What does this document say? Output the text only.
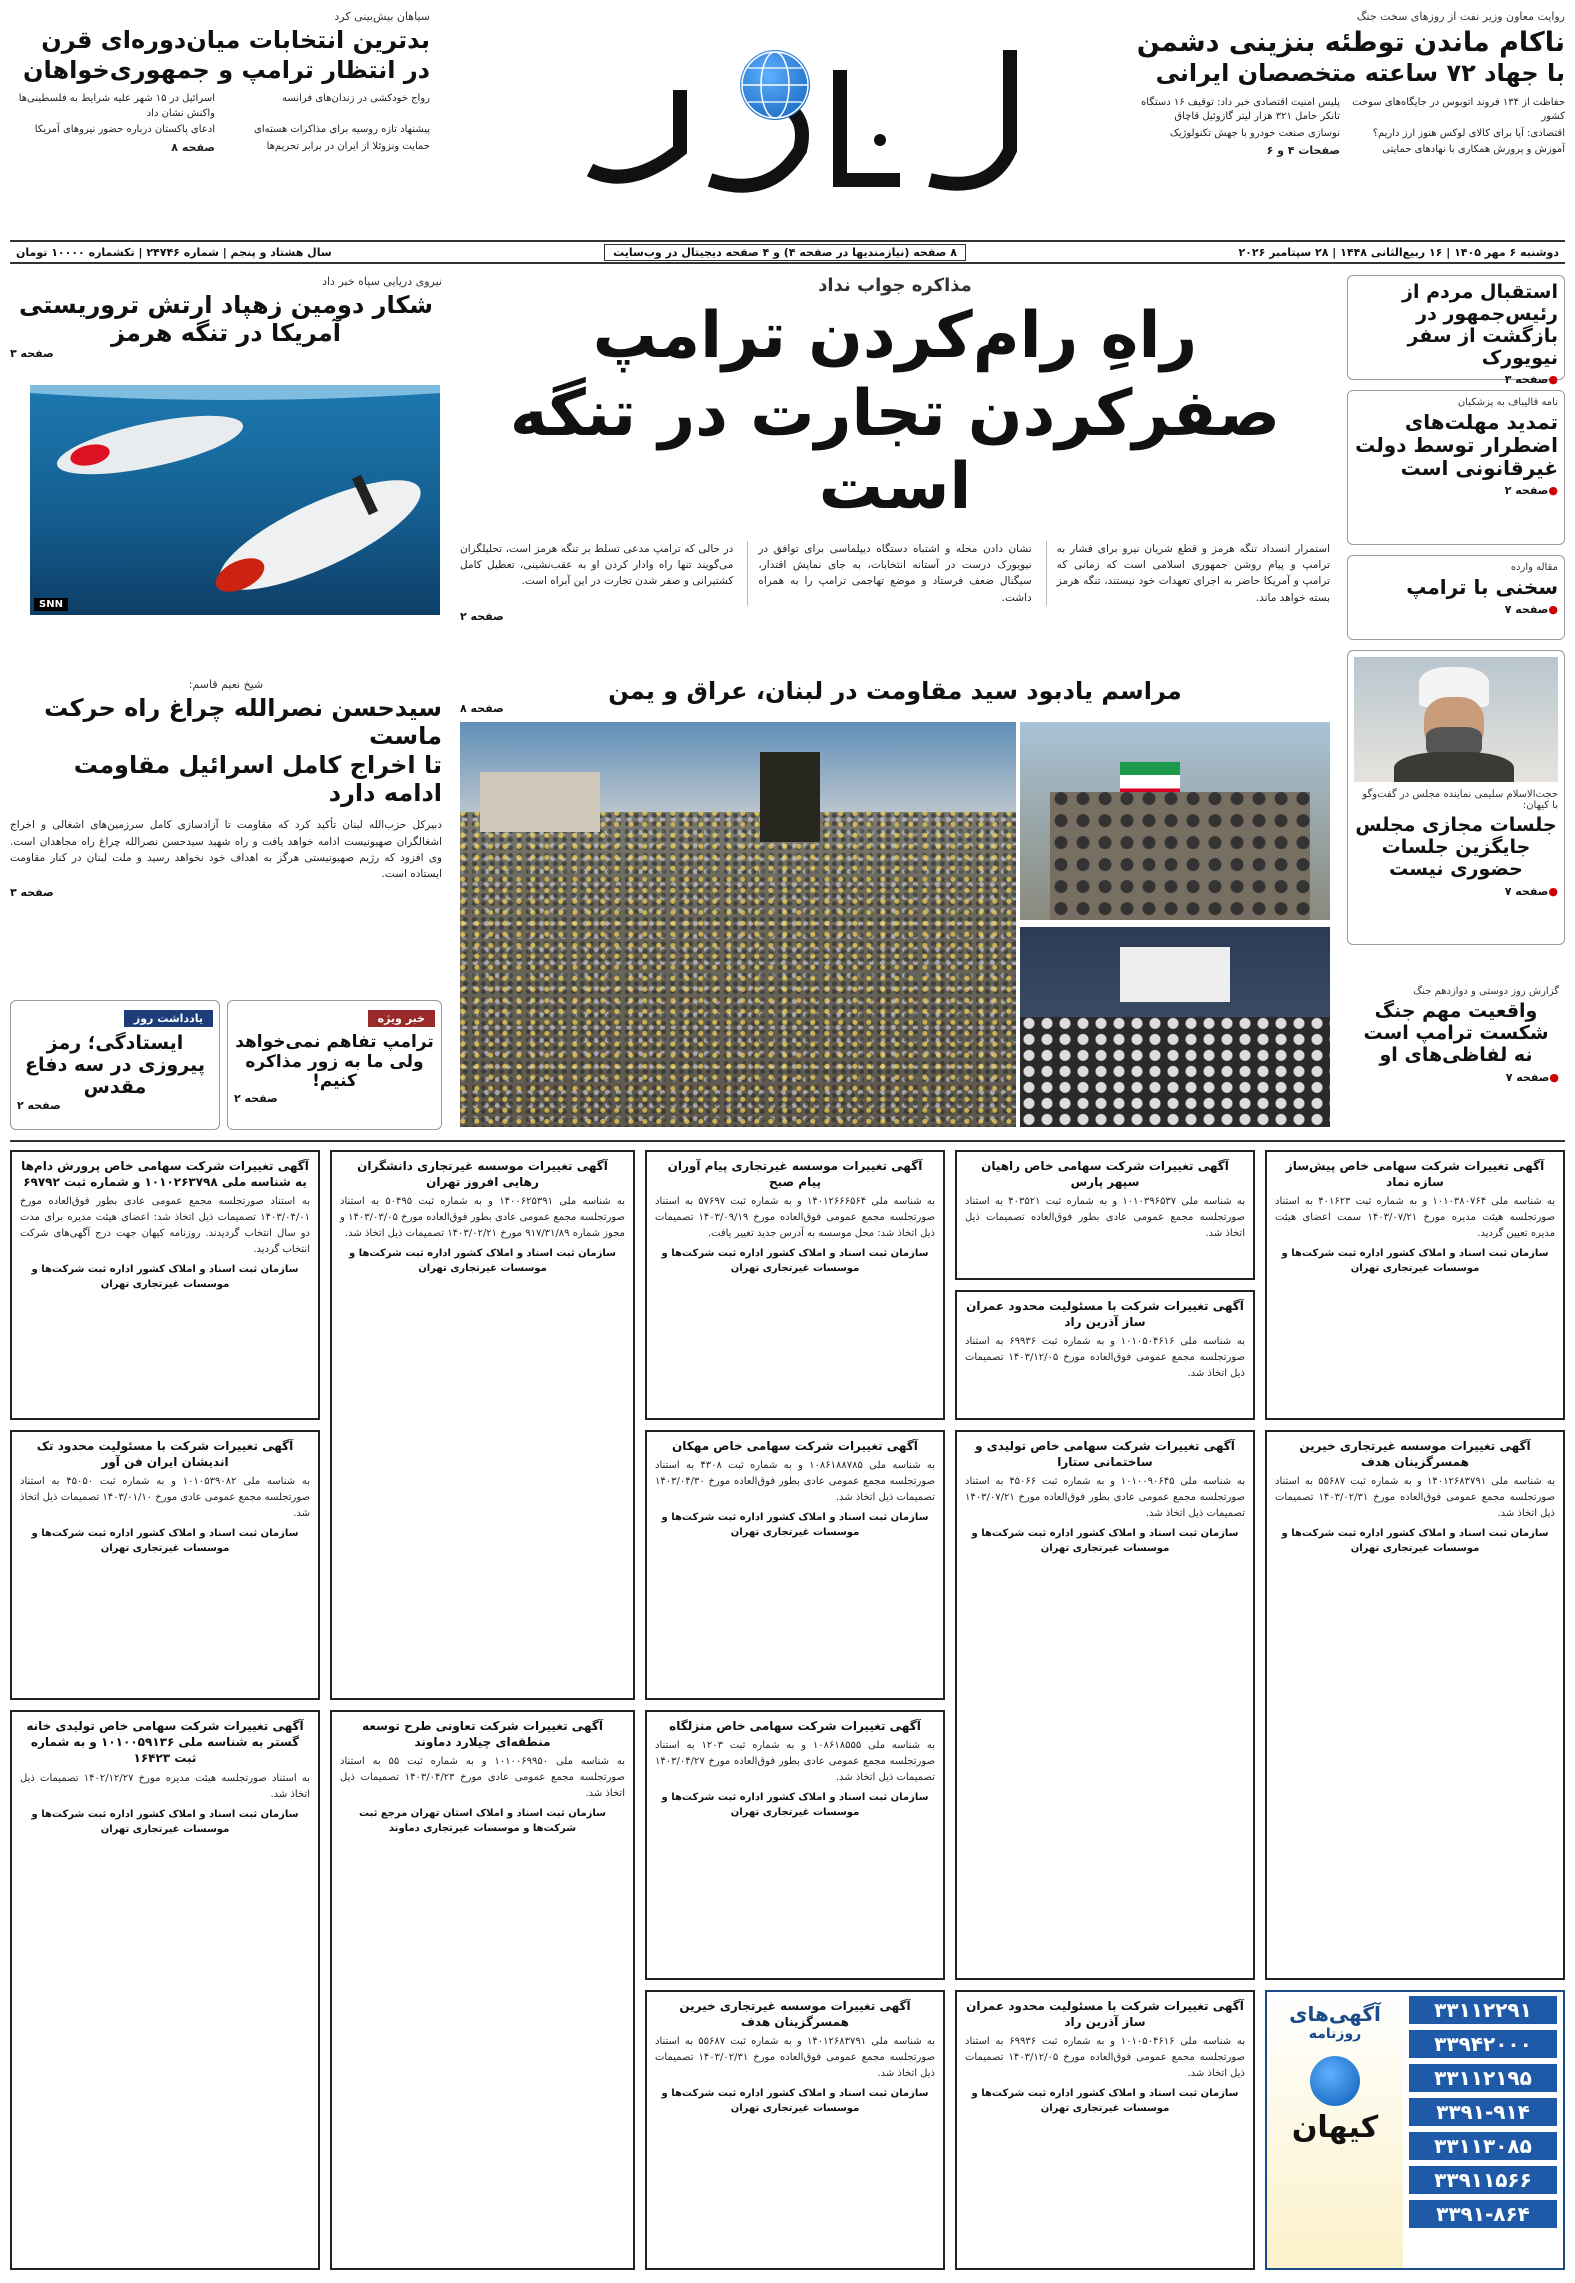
روایت معاون وزیر نفت از روزهای سخت جنگ
ناکام ماندن توطئه بنزینی دشمن
با جهاد ۷۲ ساعته متخصصان ایرانی
حفاظت از ۱۳۴ فروند اتوبوس در جایگاه‌های سوخت کشور
پلیس امنیت اقتصادی خبر داد: توقیف ۱۶ دستگاه تانکر حامل ۳۲۱ هزار لیتر گازوئیل قاچاق
اقتصادی: آیا برای کالای لوکس هنوز ارز داریم؟
نوسازی صنعت خودرو با جهش تکنولوژیک
آموزش و پرورش همکاری با نهادهای حمایتی
صفحات ۴ و ۶
سیاهان بیش‌بینی کرد
بدترین انتخابات میان‌دوره‌ای قرن
در انتظار ترامپ و جمهوری‌خواهان
رواج خودکشی در زندان‌های فرانسه
اسرائیل در ۱۵ شهر علیه شرایط به فلسطینی‌ها واکنش نشان داد
پیشنهاد تازه روسیه برای مذاکرات هسته‌ای
ادعای پاکستان درباره حضور نیروهای آمریکا
حمایت ونزوئلا از ایران در برابر تحریم‌ها
صفحه ۸
دوشنبه ۶ مهر ۱۴۰۵ | ۱۶ ربیع‌الثانی ۱۴۴۸ | ۲۸ سپتامبر ۲۰۲۶
۸ صفحه (نیازمندیها در صفحه ۴) و ۴ صفحه دیجیتال در وب‌سایت
سال هشتاد و پنجم | شماره ۲۴۷۴۶ | تکشماره ۱۰۰۰۰ تومان
استقبال مردم از رئیس‌جمهور در بازگشت از سفر نیویورک
●صفحه ۳
نامه قالیباف به پزشکیان
تمدید مهلت‌های اضطرار توسط دولت غیرقانونی است
●صفحه ۲
مقاله وارده
سخنی با ترامپ
●صفحه ۷
حجت‌الاسلام سلیمی نماینده مجلس در گفت‌وگو با کیهان:
جلسات مجازی مجلس جایگزین جلسات حضوری نیست
●صفحه ۷
گزارش روز دوستی و دوازدهم جنگ
واقعیت مهم جنگ شکست ترامپ است نه لفاظی‌های او
●صفحه ۷
مذاکره جواب نداد
راهِ رام‌کردن ترامپ
صفرکردن تجارت در تنگه است
استمرار انسداد تنگه هرمز و قطع شریان نیرو برای فشار به ترامپ و پیام روشن جمهوری اسلامی است که زمانی که ترامپ و آمریکا حاضر به اجرای تعهدات خود نیستند، تنگه هرمز بسته خواهد ماند.
نشان دادن محله و اشتباه دستگاه دیپلماسی برای توافق در نیویورک درست در آستانه انتخابات، به جای نمایش اقتدار، سیگنال ضعف فرستاد و موضع تهاجمی ترامپ را به همراه داشت.
در حالی که ترامپ مدعی تسلط بر تنگه هرمز است، تحلیلگران می‌گویند تنها راه وادار کردن او به عقب‌نشینی، تعطیل کامل کشتیرانی و صفر شدن تجارت در این آبراه است.
صفحه ۲
نیروی دریایی سپاه خبر داد
شکار دومین زهپاد ارتش تروریستی آمریکا در تنگه هرمز
صفحه ۳
SNN
مراسم یادبود سید مقاومت در لبنان، عراق و یمن
صفحه ۸
شیخ نعیم قاسم:
سیدحسن نصرالله چراغ راه حرکت ماست
تا اخراج کامل اسرائیل مقاومت ادامه دارد
دبیرکل حزب‌الله لبنان تأکید کرد که مقاومت تا آزادسازی کامل سرزمین‌های اشغالی و اخراج اشغالگران صهیونیست ادامه خواهد یافت و راه شهید سیدحسن نصرالله چراغ راه مجاهدان است. وی افزود که رژیم صهیونیستی هرگز به اهداف خود نخواهد رسید و ملت لبنان در کنار مقاومت ایستاده است.
صفحه ۳
خبر ویژه
ترامپ تفاهم نمی‌خواهد ولی ما به زور مذاکره کنیم!
صفحه ۲
یادداشت روز
ایستادگی؛ رمز پیروزی در سه دفاع مقدس
صفحه ۲
آگهی تغییرات شرکت سهامی خاص پیش‌ساز سازه نماد
به شناسه ملی ۱۰۱۰۳۸۰۷۶۴ و به شماره ثبت ۴۰۱۶۲۳ به استناد صورتجلسه هیئت مدیره مورخ ۱۴۰۳/۰۷/۲۱ سمت اعضای هیئت مدیره تعیین گردید.
سازمان ثبت اسناد و املاک کشور اداره ثبت شرکت‌ها و موسسات غیرتجاری تهران
آگهی تغییرات شرکت سهامی خاص راهیان سپهر پارس
به شناسه ملی ۱۰۱۰۳۹۶۵۳۷ و به شماره ثبت ۴۰۳۵۲۱ به استناد صورتجلسه مجمع عمومی عادی بطور فوق‌العاده تصمیمات ذیل اتخاذ شد.
آگهی تغییرات شرکت با مسئولیت محدود عمران ساز آذرین راد
به شناسه ملی ۱۰۱۰۵۰۴۶۱۶ و به شماره ثبت ۶۹۹۳۶ به استناد صورتجلسه مجمع عمومی فوق‌العاده مورخ ۱۴۰۳/۱۲/۰۵ تصمیمات ذیل اتخاذ شد.
آگهی تغییرات موسسه غیرتجاری پیام آوران پیام صبح
به شناسه ملی ۱۴۰۱۲۶۶۶۵۶۴ و به شماره ثبت ۵۷۶۹۷ به استناد صورتجلسه مجمع عمومی فوق‌العاده مورخ ۱۴۰۳/۰۹/۱۹ تصمیمات ذیل اتخاذ شد: محل موسسه به آدرس جدید تغییر یافت.
سازمان ثبت اسناد و املاک کشور اداره ثبت شرکت‌ها و موسسات غیرتجاری تهران
آگهی تغییرات موسسه غیرتجاری دانشگران رهایی افروز تهران
به شناسه ملی ۱۴۰۰۶۲۵۳۹۱ و به شماره ثبت ۵۰۴۹۵ به استناد صورتجلسه مجمع عمومی عادی بطور فوق‌العاده مورخ ۱۴۰۳/۰۳/۰۵ و مجوز شماره ۹۱۷/۳۱/۸۹ مورخ ۱۴۰۳/۰۲/۲۱ تصمیمات ذیل اتخاذ شد.
سازمان ثبت اسناد و املاک کشور اداره ثبت شرکت‌ها و موسسات غیرتجاری تهران
آگهی تغییرات شرکت سهامی خاص پرورش دام‌ها به شناسه ملی ۱۰۱۰۲۶۳۷۹۸ و شماره ثبت ۶۹۷۹۲
به استناد صورتجلسه مجمع عمومی عادی بطور فوق‌العاده مورخ ۱۴۰۳/۰۴/۰۱ تصمیمات ذیل اتخاذ شد: اعضای هیئت مدیره برای مدت دو سال انتخاب گردیدند. روزنامه کیهان جهت درج آگهی‌های شرکت انتخاب گردید.
سازمان ثبت اسناد و املاک کشور اداره ثبت شرکت‌ها و موسسات غیرتجاری تهران
آگهی تغییرات موسسه غیرتجاری خیرین همسرگزینان هدف
به شناسه ملی ۱۴۰۱۲۶۸۳۷۹۱ و به شماره ثبت ۵۵۶۸۷ به استناد صورتجلسه مجمع عمومی فوق‌العاده مورخ ۱۴۰۳/۰۲/۳۱ تصمیمات ذیل اتخاذ شد.
سازمان ثبت اسناد و املاک کشور اداره ثبت شرکت‌ها و موسسات غیرتجاری تهران
آگهی تغییرات شرکت سهامی خاص تولیدی و ساختمانی ستارا
به شناسه ملی ۱۰۱۰۰۹۰۶۴۵ و به شماره ثبت ۴۵۰۶۶ به استناد صورتجلسه مجمع عمومی عادی بطور فوق‌العاده مورخ ۱۴۰۳/۰۷/۲۱ تصمیمات ذیل اتخاذ شد.
سازمان ثبت اسناد و املاک کشور اداره ثبت شرکت‌ها و موسسات غیرتجاری تهران
آگهی تغییرات شرکت سهامی خاص مهکان
به شناسه ملی ۱۰۸۶۱۸۸۷۸۵ و به شماره ثبت ۴۳۰۸ به استناد صورتجلسه مجمع عمومی عادی بطور فوق‌العاده مورخ ۱۴۰۳/۰۴/۳۰ تصمیمات ذیل اتخاذ شد.
سازمان ثبت اسناد و املاک کشور اداره ثبت شرکت‌ها و موسسات غیرتجاری تهران
آگهی تغییرات شرکت با مسئولیت محدود تک انديشان ايران فن آور
به شناسه ملی ۱۰۱۰۵۳۹۰۸۲ و به شماره ثبت ۴۵۰۵۰ به استناد صورتجلسه مجمع عمومی عادی مورخ ۱۴۰۳/۰۱/۱۰ تصمیمات ذیل اتخاذ شد.
سازمان ثبت اسناد و املاک کشور اداره ثبت شرکت‌ها و موسسات غیرتجاری تهران
آگهی تغییرات شرکت سهامی خاص منزلگاه
به شناسه ملی ۱۰۸۶۱۸۵۵۵ و به شماره ثبت ۱۲۰۳ به استناد صورتجلسه مجمع عمومی عادی بطور فوق‌العاده مورخ ۱۴۰۳/۰۴/۲۷ تصمیمات ذیل اتخاذ شد.
سازمان ثبت اسناد و املاک کشور اداره ثبت شرکت‌ها و موسسات غیرتجاری تهران
آگهی تغییرات شرکت تعاونی طرح توسعه منطقه‌ای چیلارد دماوند
به شناسه ملی ۱۰۱۰۰۶۹۹۵۰ و به شماره ثبت ۵۵ به استناد صورتجلسه مجمع عمومی عادی مورخ ۱۴۰۳/۰۴/۲۳ تصمیمات ذیل اتخاذ شد.
سازمان ثبت اسناد و املاک استان تهران مرجع ثبت شرکت‌ها و موسسات غیرتجاری دماوند
آگهی تغییرات شرکت سهامی خاص تولیدی خانه گستر به شناسه ملی ۱۰۱۰۰۵۹۱۳۶ و به شماره ثبت ۱۶۴۲۳
به استناد صورتجلسه هیئت مدیره مورخ ۱۴۰۲/۱۲/۲۷ تصمیمات ذیل اتخاذ شد.
سازمان ثبت اسناد و املاک کشور اداره ثبت شرکت‌ها و موسسات غیرتجاری تهران
آگهی تغییرات موسسه غیرتجاری خیرین همسرگزینان هدف
به شناسه ملی ۱۴۰۱۲۶۸۳۷۹۱ و به شماره ثبت ۵۵۶۸۷ به استناد صورتجلسه مجمع عمومی فوق‌العاده مورخ ۱۴۰۳/۰۲/۳۱ تصمیمات ذیل اتخاذ شد.
سازمان ثبت اسناد و املاک کشور اداره ثبت شرکت‌ها و موسسات غیرتجاری تهران
آگهی تغییرات شرکت با مسئولیت محدود عمران ساز آذرین راد
به شناسه ملی ۱۰۱۰۵۰۴۶۱۶ و به شماره ثبت ۶۹۹۳۶ به استناد صورتجلسه مجمع عمومی فوق‌العاده مورخ ۱۴۰۳/۱۲/۰۵ تصمیمات ذیل اتخاذ شد.
سازمان ثبت اسناد و املاک کشور اداره ثبت شرکت‌ها و موسسات غیرتجاری تهران
۳۳۱۱۲۲۹۱
۳۳۹۴۲۰۰۰
۳۳۱۱۲۱۹۵
۳۳۹۱-۹۱۴
۳۳۱۱۳۰۸۵
۳۳۹۱۱۵۶۶
۳۳۹۱-۸۶۴
آگهی‌های
روزنامه
کیهان
